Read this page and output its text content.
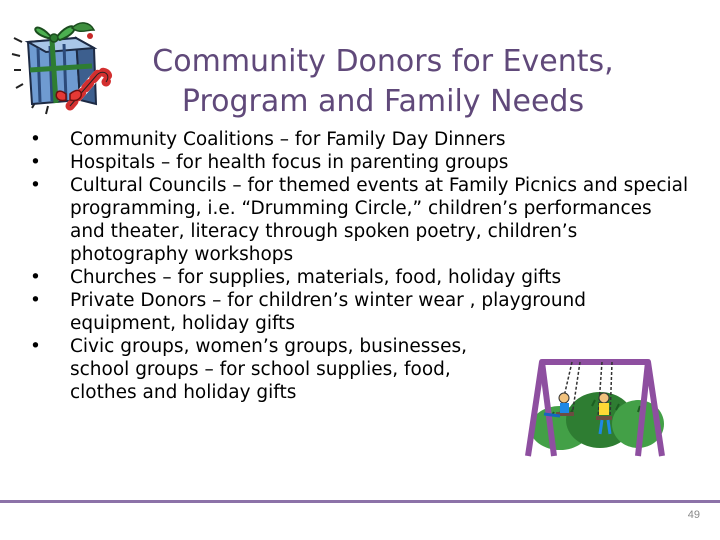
Community Donors for Events,
Program and Family Needs
• Community Coalitions – for Family Day Dinners
• Hospitals – for health focus in parenting groups
• Cultural Councils – for themed events at Family Picnics and special programming, i.e. “Drumming Circle,” children’s performances and theater, literacy through spoken poetry, children’s photography workshops
• Churches – for supplies, materials, food, holiday gifts
• Private Donors – for children’s winter wear , playground equipment, holiday gifts
• Civic groups, women’s groups, businesses, school groups – for school supplies, food, clothes and holiday gifts
49
